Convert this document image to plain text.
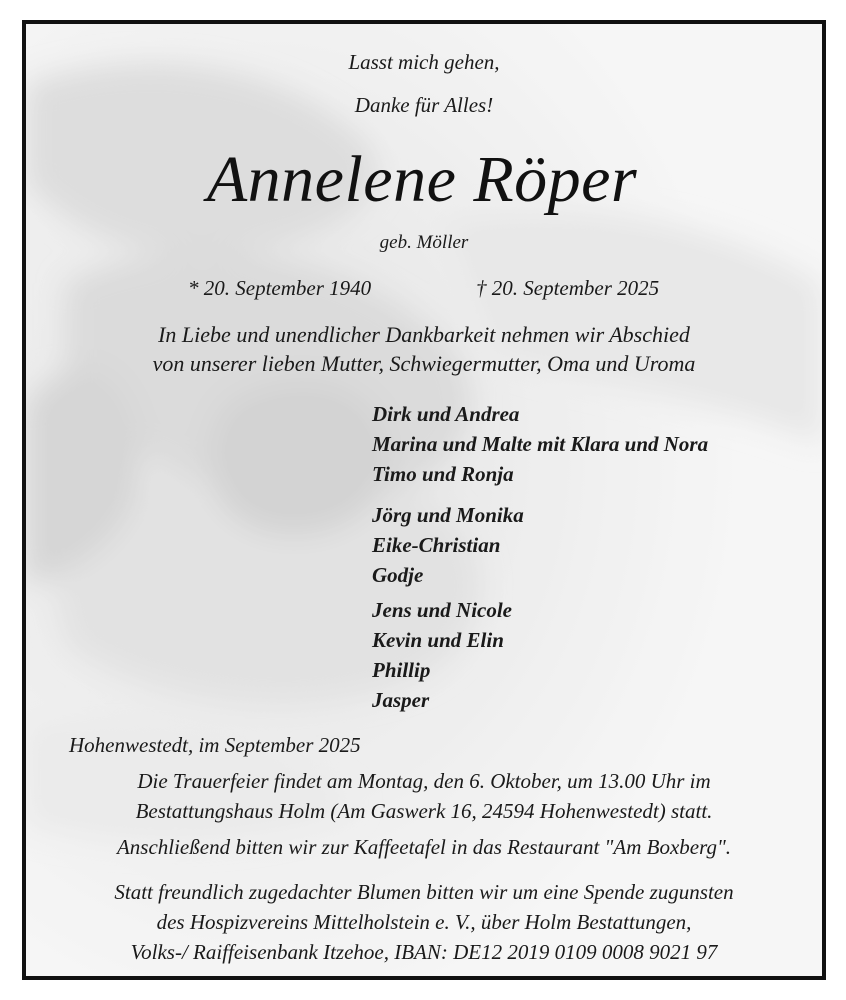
Lasst mich gehen,
Danke für Alles!
Annelene Röper
geb. Möller
* 20. September 1940	† 20. September 2025
In Liebe und unendlicher Dankbarkeit nehmen wir Abschied
von unserer lieben Mutter, Schwiegermutter, Oma und Uroma
Dirk und Andrea
Marina und Malte mit Klara und Nora
Timo und Ronja
Jörg und Monika
Eike-Christian
Godje
Jens und Nicole
Kevin und Elin
Phillip
Jasper
Hohenwestedt, im September 2025
Die Trauerfeier findet am Montag, den 6. Oktober, um 13.00 Uhr im
Bestattungshaus Holm (Am Gaswerk 16, 24594 Hohenwestedt) statt.
Anschließend bitten wir zur Kaffeetafel in das Restaurant "Am Boxberg".
Statt freundlich zugedachter Blumen bitten wir um eine Spende zugunsten
des Hospizvereins Mittelholstein e. V., über Holm Bestattungen,
Volks-/ Raiffeisenbank Itzehoe, IBAN: DE12 2019 0109 0008 9021 97
